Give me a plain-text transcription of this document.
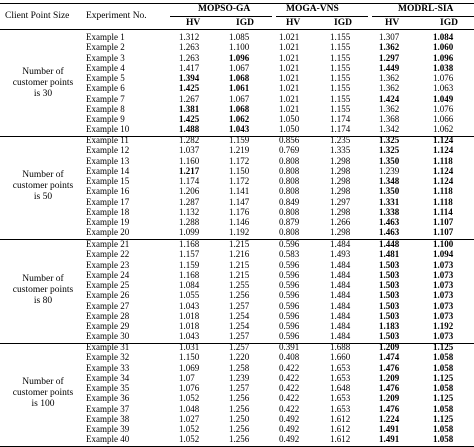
Client Point Size Experiment No.
MOPSO-GA	MOGA-VNS	MODRL-SIA
HV	IGD	HV	IGD	HV	IGD
Number of
customer points
is 30
Example 1	1.312	1.085	1.021	1.155	1.307	1.084
Example 2	1.263	1.100	1.021	1.155	1.362	1.060
Example 3	1.263	1.096	1.021	1.155	1.297	1.096
Example 4	1.417	1.067	1.021	1.155	1.449	1.038
Example 5	1.394	1.068	1.021	1.155	1.362	1.076
Example 6	1.425	1.061	1.021	1.155	1.362	1.063
Example 7	1.267	1.067	1.021	1.155	1.424	1.049
Example 8	1.381	1.068	1.021	1.155	1.362	1.076
Example 9	1.425	1.062	1.050	1.174	1.368	1.066
Example 10	1.488	1.043	1.050	1.174	1.342	1.062
Number of
customer points
is 50
Example 11	1.282	1.159	0.856	1.235	1.325	1.124
Example 12	1.037	1.219	0.769	1.335	1.325	1.124
Example 13	1.160	1.172	0.808	1.298	1.350	1.118
Example 14	1.217	1.150	0.808	1.298	1.239	1.124
Example 15	1.174	1.172	0.808	1.298	1.348	1.124
Example 16	1.206	1.141	0.808	1.298	1.350	1.118
Example 17	1.287	1.147	0.849	1.297	1.331	1.118
Example 18	1.132	1.176	0.808	1.298	1.338	1.114
Example 19	1.288	1.146	0.879	1.266	1.463	1.107
Example 20	1.099	1.192	0.808	1.298	1.463	1.107
Number of
customer points
is 80
Example 21	1.168	1.215	0.596	1.484	1.448	1.100
Example 22	1.157	1.216	0.583	1.493	1.481	1.094
Example 23	1.159	1.215	0.596	1.484	1.503	1.073
Example 24	1.168	1.215	0.596	1.484	1.503	1.073
Example 25	1.084	1.255	0.596	1.484	1.503	1.073
Example 26	1.055	1.256	0.596	1.484	1.503	1.073
Example 27	1.043	1.257	0.596	1.484	1.503	1.073
Example 28	1.018	1.254	0.596	1.484	1.503	1.073
Example 29	1.018	1.254	0.596	1.484	1.183	1.192
Example 30	1.043	1.257	0.596	1.484	1.503	1.073
Number of
customer points
is 100
Example 31	1.031	1.257	0.391	1.688	1.209	1.125
Example 32	1.150	1.220	0.408	1.660	1.474	1.058
Example 33	1.069	1.258	0.422	1.653	1.476	1.058
Example 34	1.07	1.239	0.422	1.653	1.209	1.125
Example 35	1.076	1.257	0.422	1.648	1.476	1.058
Example 36	1.052	1.256	0.422	1.653	1.209	1.125
Example 37	1.048	1.256	0.422	1.653	1.476	1.058
Example 38	1.027	1.250	0.492	1.612	1.224	1.125
Example 39	1.052	1.256	0.492	1.612	1.491	1.058
Example 40	1.052	1.256	0.492	1.612	1.491	1.058
